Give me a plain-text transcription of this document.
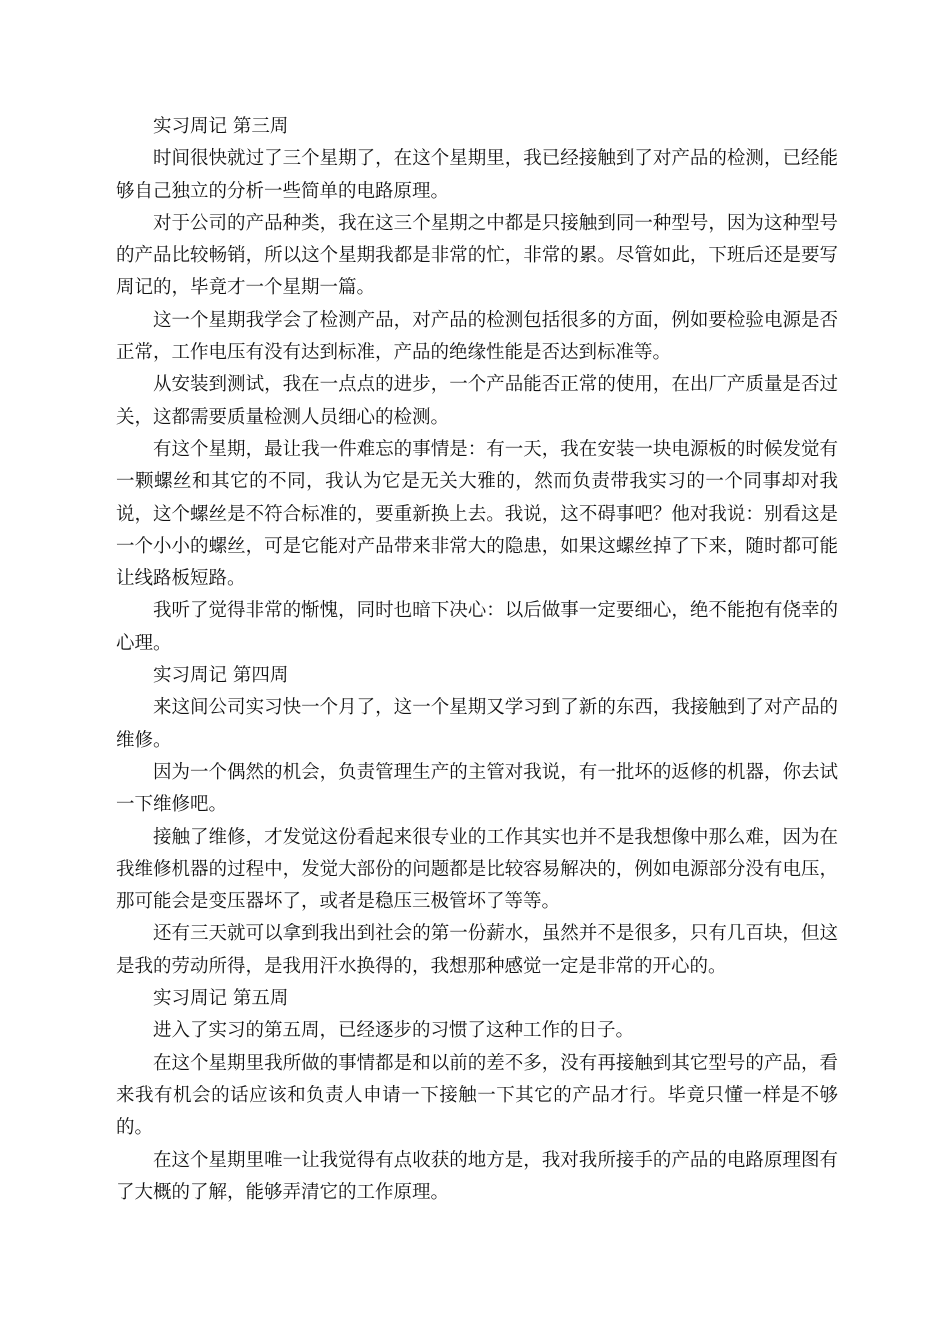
实习周记 第三周

时间很快就过了三个星期了，在这个星期里，我已经接触到了对产品的检测，已经能够自己独立的分析一些简单的电路原理。

对于公司的产品种类，我在这三个星期之中都是只接触到同一种型号，因为这种型号的产品比较畅销，所以这个星期我都是非常的忙，非常的累。尽管如此，下班后还是要写周记的，毕竟才一个星期一篇。

这一个星期我学会了检测产品，对产品的检测包括很多的方面，例如要检验电源是否正常，工作电压有没有达到标准，产品的绝缘性能是否达到标准等。

从安装到测试，我在一点点的进步，一个产品能否正常的使用，在出厂产质量是否过关，这都需要质量检测人员细心的检测。

有这个星期，最让我一件难忘的事情是：有一天，我在安装一块电源板的时候发觉有一颗螺丝和其它的不同，我认为它是无关大雅的，然而负责带我实习的一个同事却对我说，这个螺丝是不符合标准的，要重新换上去。我说，这不碍事吧？他对我说：别看这是一个小小的螺丝，可是它能对产品带来非常大的隐患，如果这螺丝掉了下来，随时都可能让线路板短路。

我听了觉得非常的惭愧，同时也暗下决心：以后做事一定要细心，绝不能抱有侥幸的心理。

实习周记 第四周

来这间公司实习快一个月了，这一个星期又学习到了新的东西，我接触到了对产品的维修。

因为一个偶然的机会，负责管理生产的主管对我说，有一批坏的返修的机器，你去试一下维修吧。

接触了维修，才发觉这份看起来很专业的工作其实也并不是我想像中那么难，因为在我维修机器的过程中，发觉大部份的问题都是比较容易解决的，例如电源部分没有电压，那可能会是变压器坏了，或者是稳压三极管坏了等等。

还有三天就可以拿到我出到社会的第一份薪水，虽然并不是很多，只有几百块，但这是我的劳动所得，是我用汗水换得的，我想那种感觉一定是非常的开心的。

实习周记 第五周

进入了实习的第五周，已经逐步的习惯了这种工作的日子。

在这个星期里我所做的事情都是和以前的差不多，没有再接触到其它型号的产品，看来我有机会的话应该和负责人申请一下接触一下其它的产品才行。毕竟只懂一样是不够的。

在这个星期里唯一让我觉得有点收获的地方是，我对我所接手的产品的电路原理图有了大概的了解，能够弄清它的工作原理。
